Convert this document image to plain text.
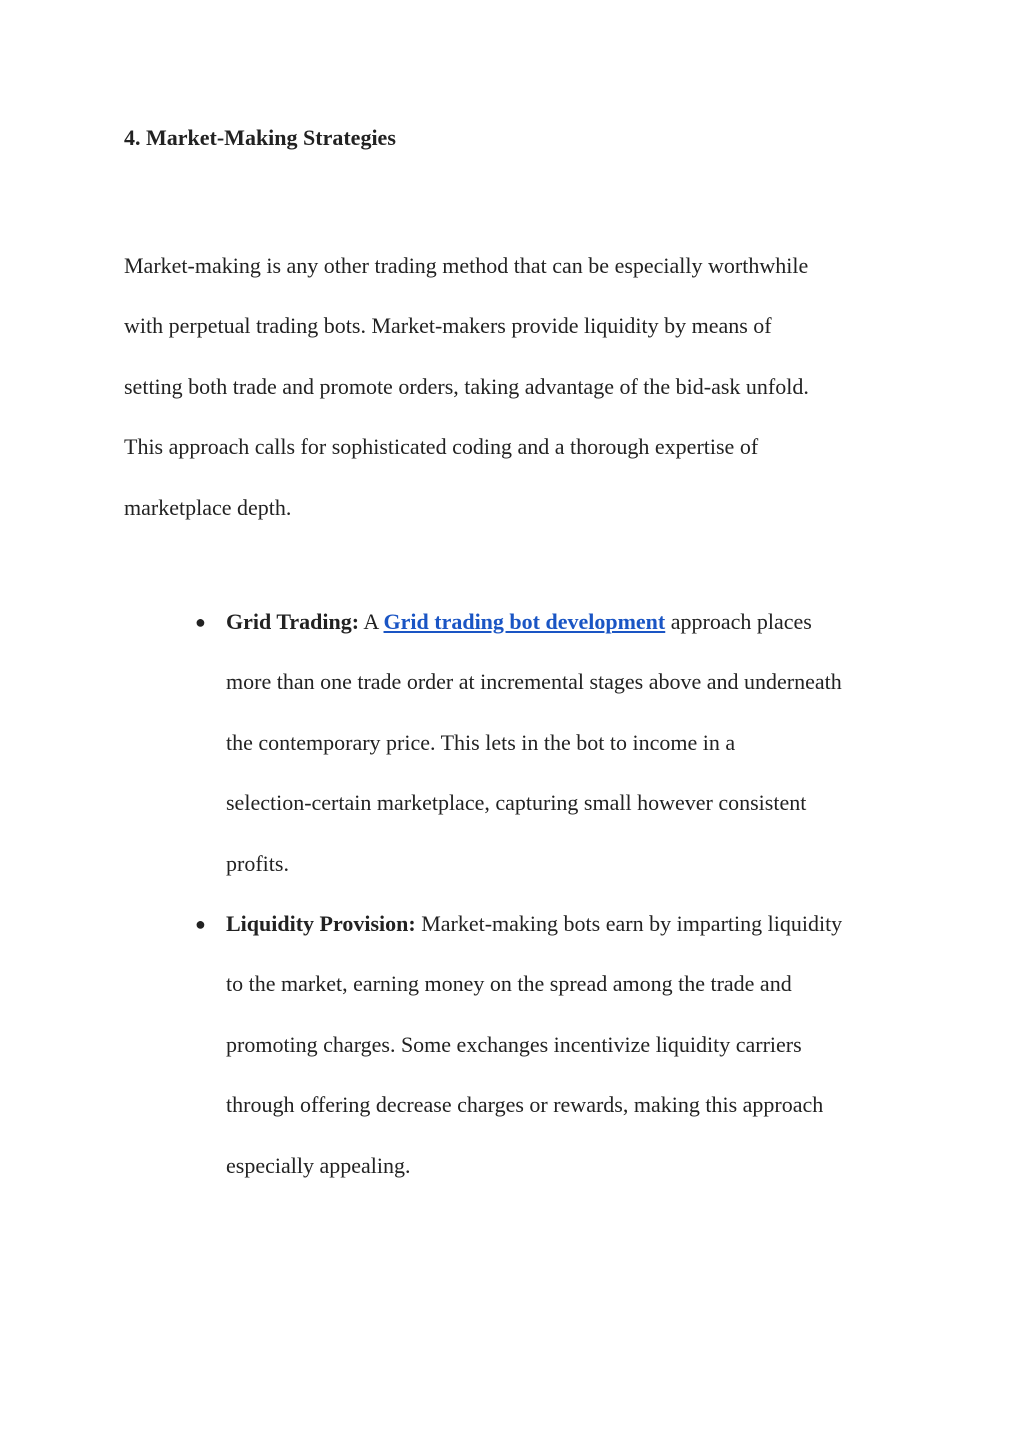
4. Market-Making Strategies

Market-making is any other trading method that can be especially worthwhile
with perpetual trading bots. Market-makers provide liquidity by means of
setting both trade and promote orders, taking advantage of the bid-ask unfold.
This approach calls for sophisticated coding and a thorough expertise of
marketplace depth.

● Grid Trading: A Grid trading bot development approach places
more than one trade order at incremental stages above and underneath
the contemporary price. This lets in the bot to income in a
selection-certain marketplace, capturing small however consistent
profits.
● Liquidity Provision: Market-making bots earn by imparting liquidity
to the market, earning money on the spread among the trade and
promoting charges. Some exchanges incentivize liquidity carriers
through offering decrease charges or rewards, making this approach
especially appealing.
